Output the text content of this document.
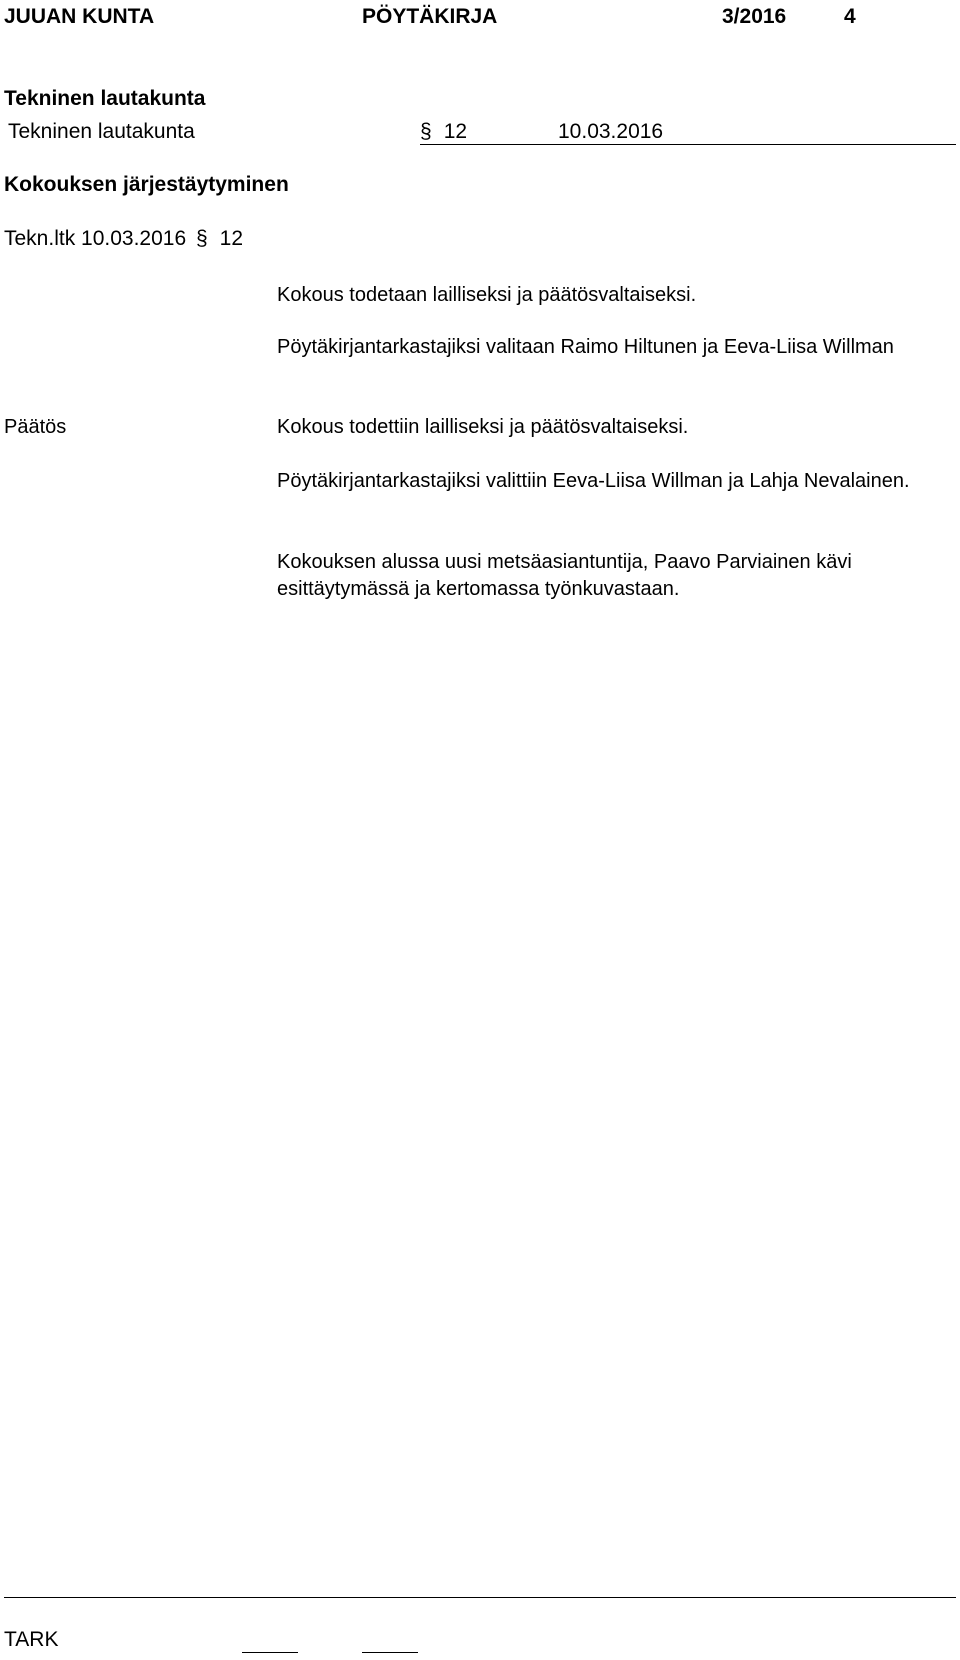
JUUAN KUNTA	PÖYTÄKIRJA	3/2016	4
Tekninen lautakunta
Tekninen lautakunta	§ 12	10.03.2016
Kokouksen järjestäytyminen
Tekn.ltk 10.03.2016 § 12
Kokous todetaan lailliseksi ja päätösvaltaiseksi.
Pöytäkirjantarkastajiksi valitaan Raimo Hiltunen ja Eeva-Liisa Willman
Päätös	Kokous todettiin lailliseksi ja päätösvaltaiseksi.
Pöytäkirjantarkastajiksi valittiin Eeva-Liisa Willman ja Lahja Nevalainen.
Kokouksen alussa uusi metsäasiantuntija, Paavo Parviainen kävi esittäytymässä ja kertomassa työnkuvastaan.
TARK
